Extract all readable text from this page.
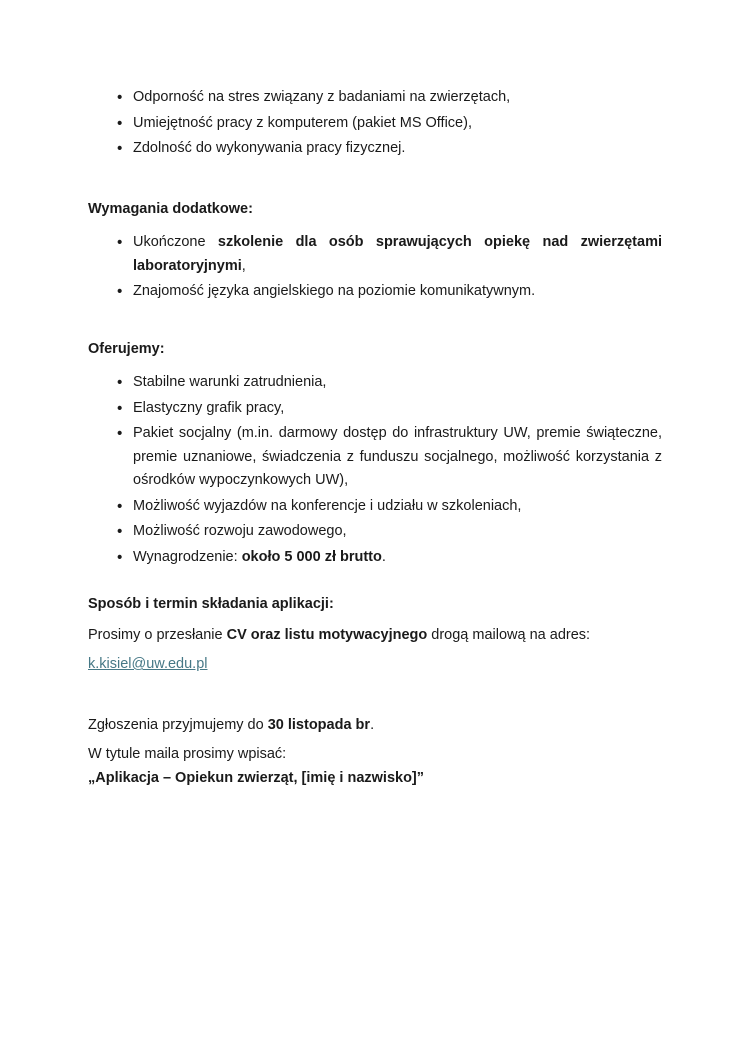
• Odporność na stres związany z badaniami na zwierzętach,
• Umiejętność pracy z komputerem (pakiet MS Office),
• Zdolność do wykonywania pracy fizycznej.
Wymagania dodatkowe:
• Ukończone szkolenie dla osób sprawujących opiekę nad zwierzętami laboratoryjnymi,
• Znajomość języka angielskiego na poziomie komunikatywnym.
Oferujemy:
• Stabilne warunki zatrudnienia,
• Elastyczny grafik pracy,
• Pakiet socjalny (m.in. darmowy dostęp do infrastruktury UW, premie świąteczne, premie uznaniowe, świadczenia z funduszu socjalnego, możliwość korzystania z ośrodków wypoczynkowych UW),
• Możliwość wyjazdów na konferencje i udziału w szkoleniach,
• Możliwość rozwoju zawodowego,
• Wynagrodzenie: około 5 000 zł brutto.
Sposób i termin składania aplikacji:

Prosimy o przesłanie CV oraz listu motywacyjnego drogą mailową na adres:

k.kisiel@uw.edu.pl

Zgłoszenia przyjmujemy do 30 listopada br.

W tytule maila prosimy wpisać:
„Aplikacja – Opiekun zwierząt, [imię i nazwisko]”
